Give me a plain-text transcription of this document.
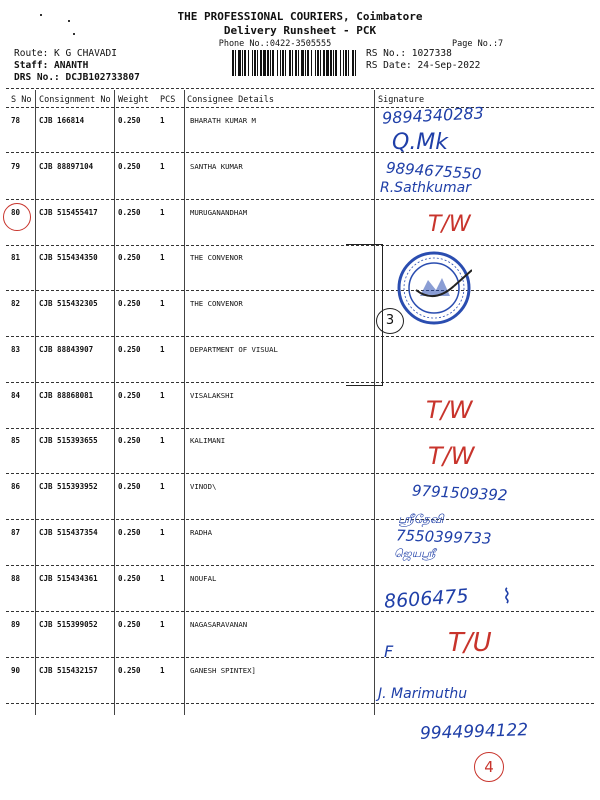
THE PROFESSIONAL COURIERS, Coimbatore
Delivery Runsheet - PCK
Phone No.:0422-3505555	Page No.:7
Route: K G CHAVADI
Staff: ANANTH
DRS No.: DCJB102733807
RS No.: 1027338
RS Date: 24-Sep-2022
S No Consignment No Weight PCS Consignee Details	Signature
78	CJB 166814	0.250	1	BHARATH KUMAR M
79	CJB 88897104	0.250	1	SANTHA KUMAR
80	CJB 515455417	0.250	1	MURUGANANDHAM
81	CJB 515434350	0.250	1	THE CONVENOR
82	CJB 515432305	0.250	1	THE CONVENOR
83	CJB 88843907	0.250	1	DEPARTMENT OF VISUAL
84	CJB 88868081	0.250	1	VISALAKSHI
85	CJB 515393655	0.250	1	KALIMANI
86	CJB 515393952	0.250	1	VINOD\
87	CJB 515437354	0.250	1	RADHA
88	CJB 515434361	0.250	1	NOUFAL
89	CJB 515399052	0.250	1	NAGASARAVANAN
90	CJB 515432157	0.250	1	GANESH SPINTEX]
9894340283
Q.Mk
9894675550
R.Sathkumar
T/W
3
T/W
T/W
9791509392
ஸ்ரீதேவி
7550399733
ஜெயஸ்ரீ
8606475 ⌇
T/U
F
J. Marimuthu
9944994122
4
